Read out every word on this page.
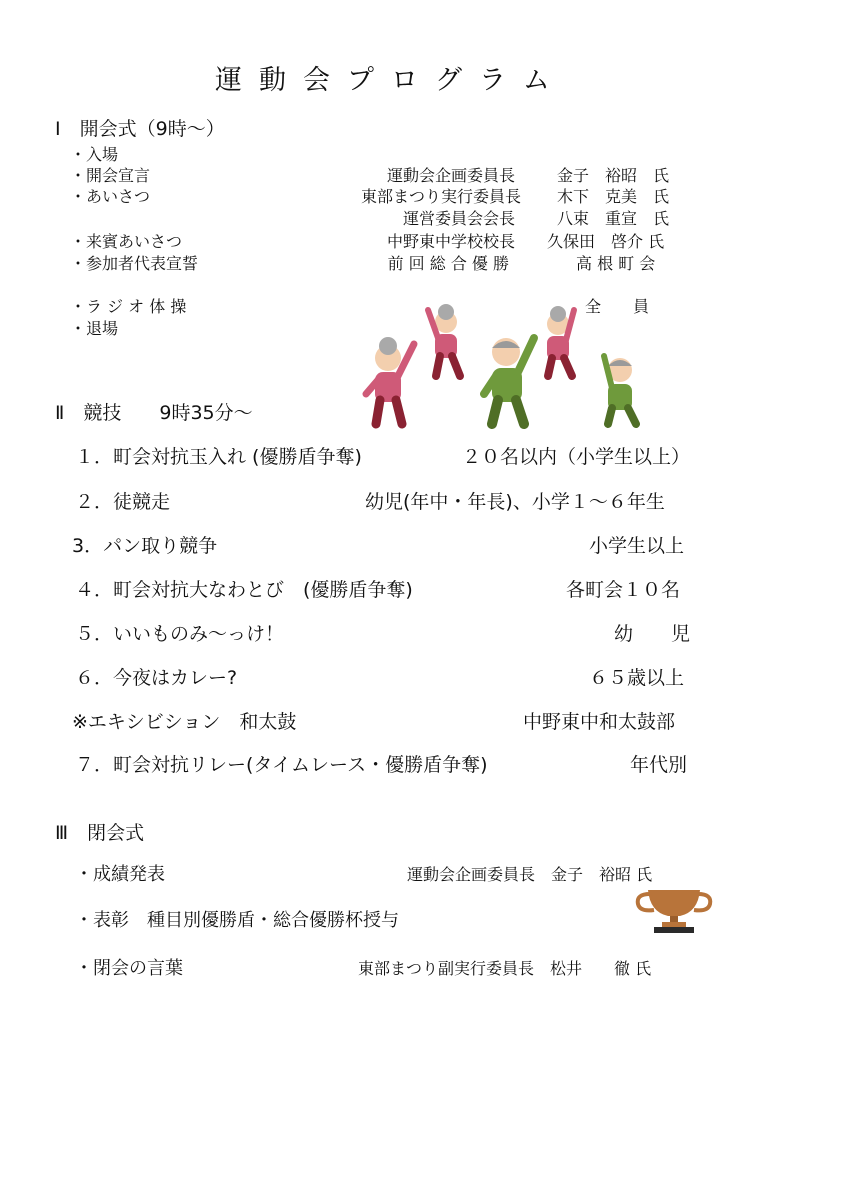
運動会プログラム
Ⅰ　開会式（9時〜）
・入場
・開会宣言	運動会企画委員長	金子　裕昭　氏
・あいさつ	東部まつり実行委員長 木下　克美　氏
運営委員会会長	八束　重宣　氏
・来賓あいさつ	中野東中学校校長 久保田　啓介 氏
・参加者代表宣誓	前 回 総 合 優 勝	高 根 町 会
・ラ ジ オ 体 操	全　　員
・退場
Ⅱ　競技　　9時35分〜
１．町会対抗玉入れ (優勝盾争奪)	２０名以内（小学生以上）
２．徒競走	幼児(年中・年長)、小学１〜６年生
3．パン取り競争	小学生以上
４．町会対抗大なわとび　(優勝盾争奪)	各町会１０名
５．いいものみ〜っけ！	幼　　児
６．今夜はカレー?	６５歳以上
※エキシビション　和太鼓	中野東中和太鼓部
７．町会対抗リレー(タイムレース・優勝盾争奪)	年代別
Ⅲ　閉会式
・成績発表	運動会企画委員長　金子　裕昭 氏
・表彰　種目別優勝盾・総合優勝杯授与
・閉会の言葉	東部まつり副実行委員長　松井　　徹 氏
